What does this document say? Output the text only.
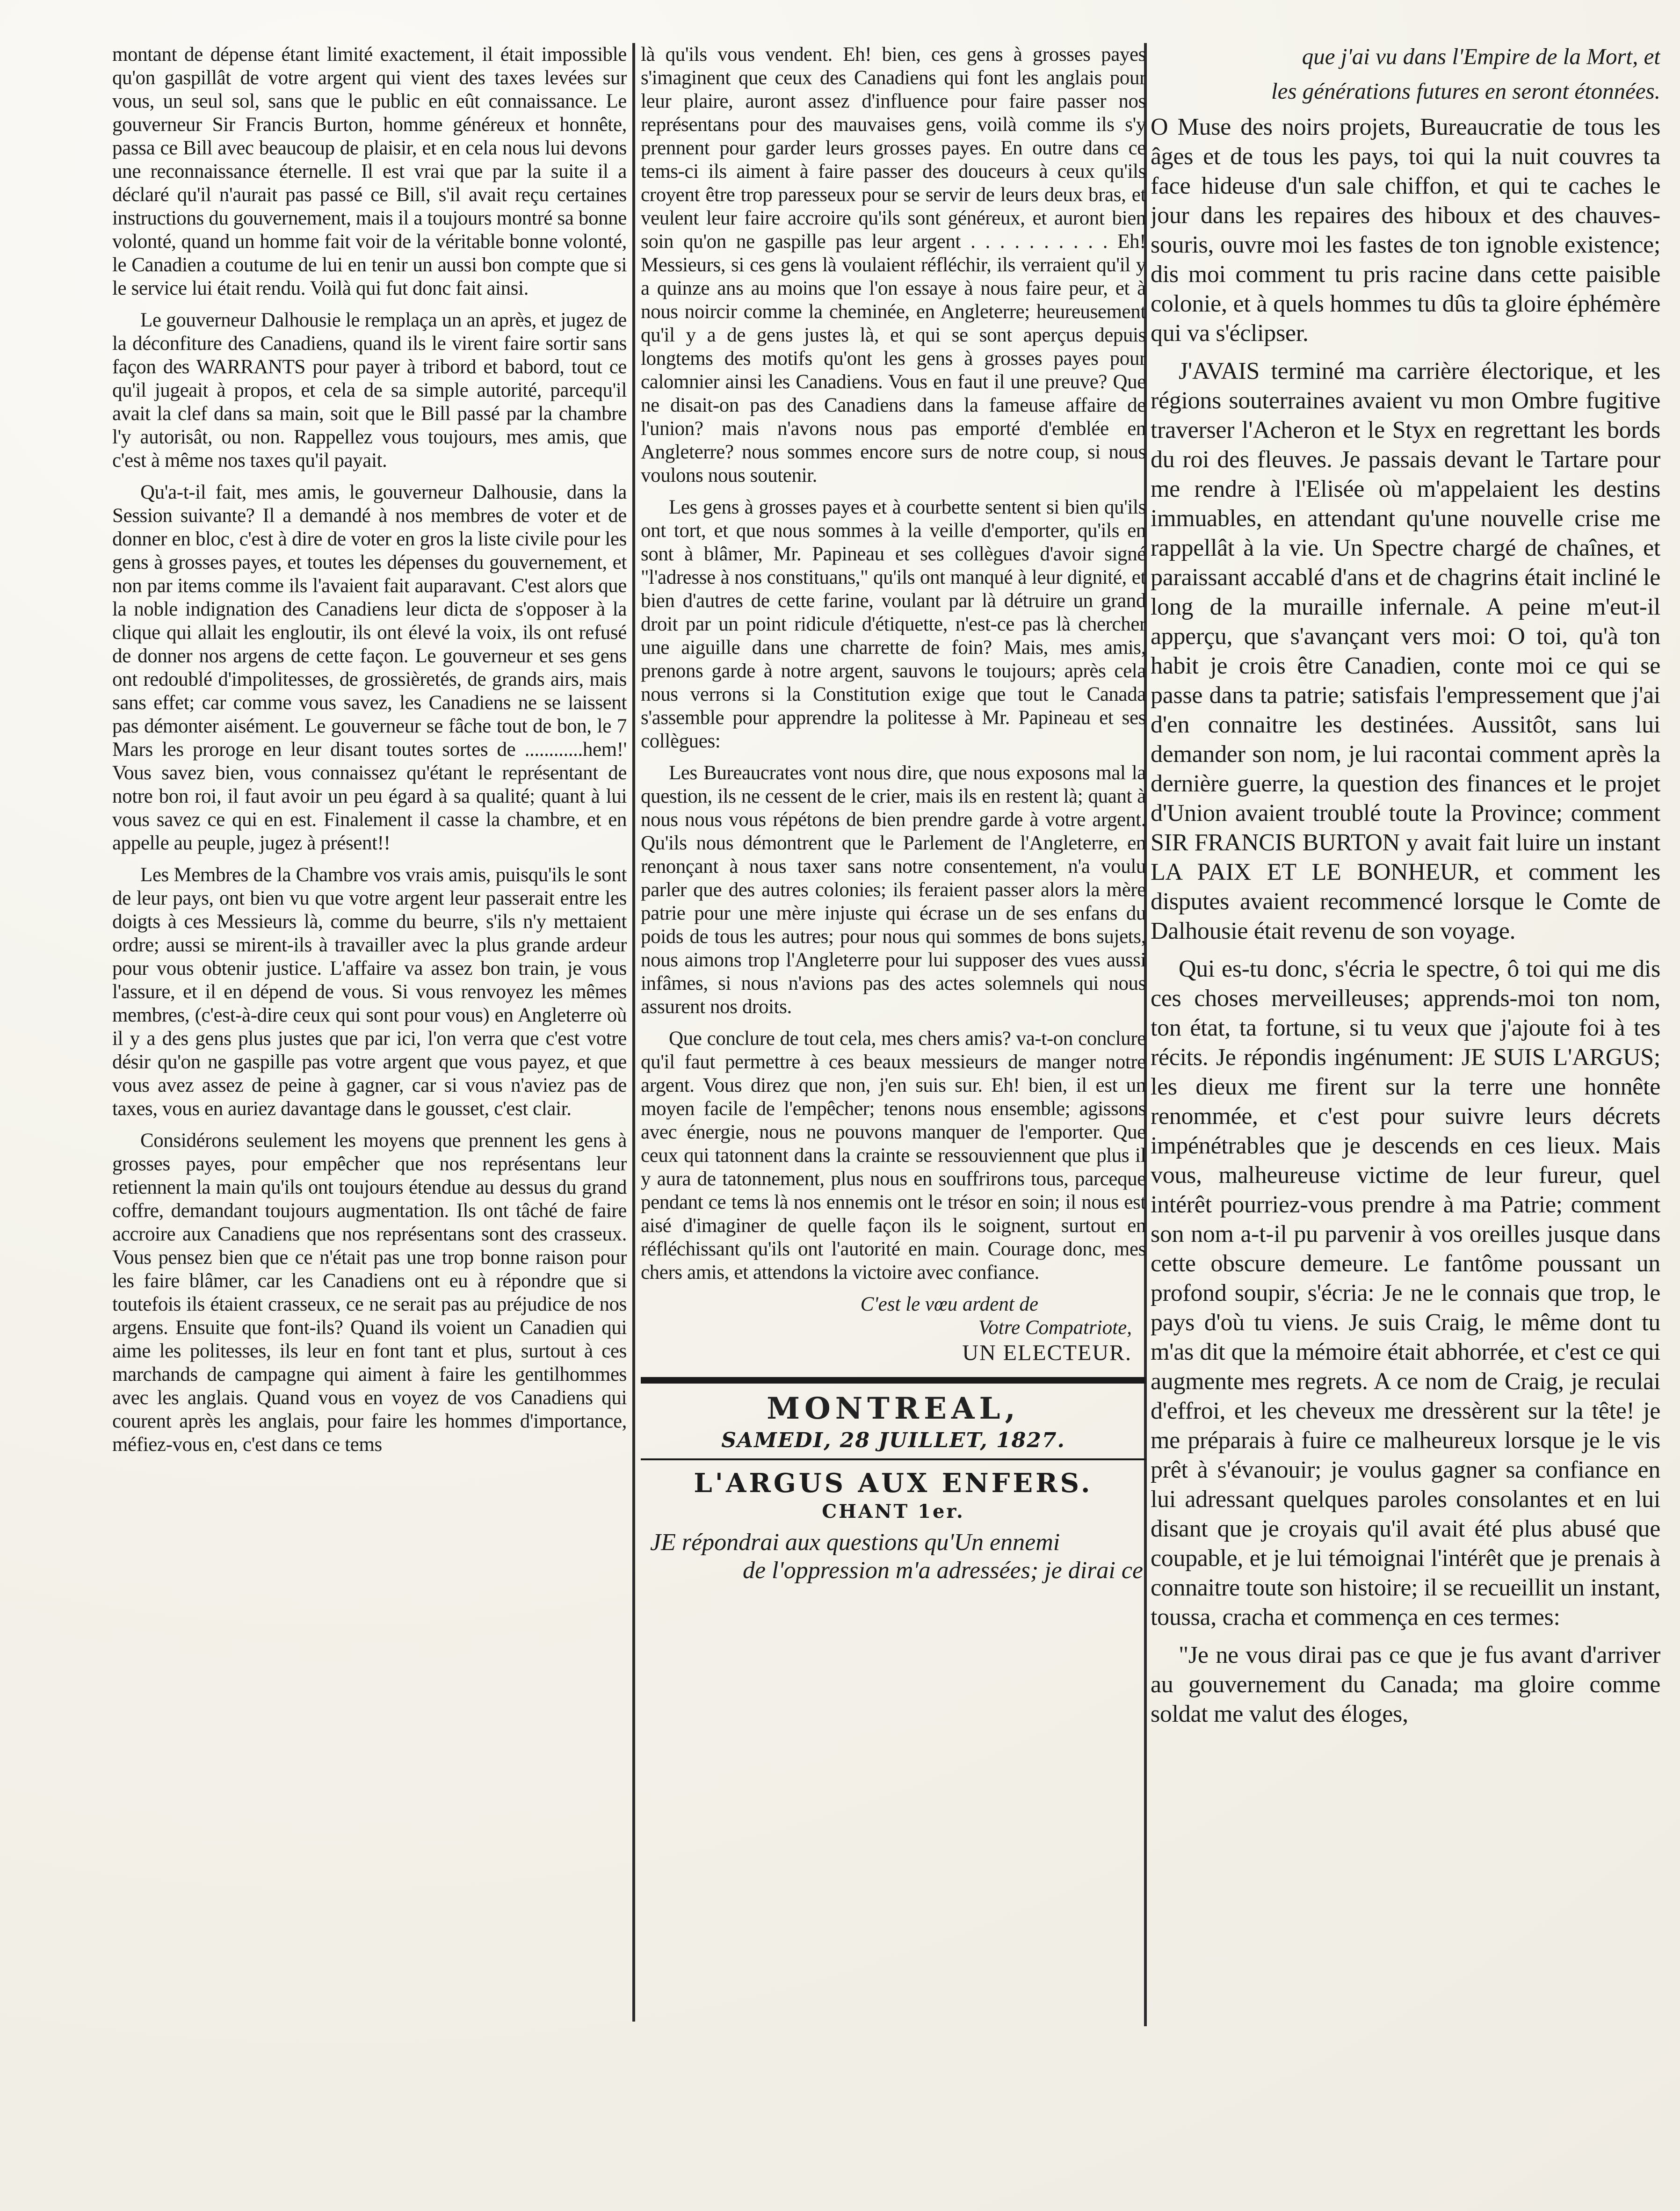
montant de dépense étant limité exactement, il était impossible qu'on gaspillât de votre argent qui vient des taxes levées sur vous, un seul sol, sans que le public en eût connaissance. Le gouverneur Sir Francis Burton, homme généreux et honnête, passa ce Bill avec beaucoup de plaisir, et en cela nous lui devons une reconnaissance éternelle. Il est vrai que par la suite il a déclaré qu'il n'aurait pas passé ce Bill, s'il avait reçu certaines instructions du gouvernement, mais il a toujours montré sa bonne volonté, quand un homme fait voir de la véritable bonne volonté, le Canadien a coutume de lui en tenir un aussi bon compte que si le service lui était rendu. Voilà qui fut donc fait ainsi.

Le gouverneur Dalhousie le remplaça un an après, et jugez de la déconfiture des Canadiens, quand ils le virent faire sortir sans façon des WARRANTS pour payer à tribord et babord, tout ce qu'il jugeait à propos, et cela de sa simple autorité, parcequ'il avait la clef dans sa main, soit que le Bill passé par la chambre l'y autorisât, ou non. Rappellez vous toujours, mes amis, que c'est à même nos taxes qu'il payait.

Qu'a-t-il fait, mes amis, le gouverneur Dalhousie, dans la Session suivante? Il a demandé à nos membres de voter et de donner en bloc, c'est à dire de voter en gros la liste civile pour les gens à grosses payes, et toutes les dépenses du gouvernement, et non par items comme ils l'avaient fait auparavant. C'est alors que la noble indignation des Canadiens leur dicta de s'opposer à la clique qui allait les engloutir, ils ont élevé la voix, ils ont refusé de donner nos argens de cette façon. Le gouverneur et ses gens ont redoublé d'impolitesses, de grossièretés, de grands airs, mais sans effet; car comme vous savez, les Canadiens ne se laissent pas démonter aisément. Le gouverneur se fâche tout de bon, le 7 Mars les proroge en leur disant toutes sortes de ............hem!' Vous savez bien, vous connaissez qu'étant le représentant de notre bon roi, il faut avoir un peu égard à sa qualité; quant à lui vous savez ce qui en est. Finalement il casse la chambre, et en appelle au peuple, jugez à présent!!

Les Membres de la Chambre vos vrais amis, puisqu'ils le sont de leur pays, ont bien vu que votre argent leur passerait entre les doigts à ces Messieurs là, comme du beurre, s'ils n'y mettaient ordre; aussi se mirent-ils à travailler avec la plus grande ardeur pour vous obtenir justice. L'affaire va assez bon train, je vous l'assure, et il en dépend de vous. Si vous renvoyez les mêmes membres, (c'est-à-dire ceux qui sont pour vous) en Angleterre où il y a des gens plus justes que par ici, l'on verra que c'est votre désir qu'on ne gaspille pas votre argent que vous payez, et que vous avez assez de peine à gagner, car si vous n'aviez pas de taxes, vous en auriez davantage dans le gousset, c'est clair.

Considérons seulement les moyens que prennent les gens à grosses payes, pour empêcher que nos représentans leur retiennent la main qu'ils ont toujours étendue au dessus du grand coffre, demandant toujours augmentation. Ils ont tâché de faire accroire aux Canadiens que nos représentans sont des crasseux. Vous pensez bien que ce n'était pas une trop bonne raison pour les faire blâmer, car les Canadiens ont eu à répondre que si toutefois ils étaient crasseux, ce ne serait pas au préjudice de nos argens. Ensuite que font-ils? Quand ils voient un Canadien qui aime les politesses, ils leur en font tant et plus, surtout à ces marchands de campagne qui aiment à faire les gentilhommes avec les anglais. Quand vous en voyez de vos Canadiens qui courent après les anglais, pour faire les hommes d'importance, méfiez-vous en, c'est dans ce tems

là qu'ils vous vendent. Eh! bien, ces gens à grosses payes s'imaginent que ceux des Canadiens qui font les anglais pour leur plaire, auront assez d'influence pour faire passer nos représentans pour des mauvaises gens, voilà comme ils s'y prennent pour garder leurs grosses payes. En outre dans ce tems-ci ils aiment à faire passer des douceurs à ceux qu'ils croyent être trop paresseux pour se servir de leurs deux bras, et veulent leur faire accroire qu'ils sont généreux, et auront bien soin qu'on ne gaspille pas leur argent . . . . . . . . . . Eh! Messieurs, si ces gens là voulaient réfléchir, ils verraient qu'il y a quinze ans au moins que l'on essaye à nous faire peur, et à nous noircir comme la cheminée, en Angleterre; heureusement qu'il y a de gens justes là, et qui se sont aperçus depuis longtems des motifs qu'ont les gens à grosses payes pour calomnier ainsi les Canadiens. Vous en faut il une preuve? Que ne disait-on pas des Canadiens dans la fameuse affaire de l'union? mais n'avons nous pas emporté d'emblée en Angleterre? nous sommes encore surs de notre coup, si nous voulons nous soutenir.

Les gens à grosses payes et à courbette sentent si bien qu'ils ont tort, et que nous sommes à la veille d'emporter, qu'ils en sont à blâmer, Mr. Papineau et ses collègues d'avoir signé "l'adresse à nos constituans," qu'ils ont manqué à leur dignité, et bien d'autres de cette farine, voulant par là détruire un grand droit par un point ridicule d'étiquette, n'est-ce pas là chercher une aiguille dans une charrette de foin? Mais, mes amis, prenons garde à notre argent, sauvons le toujours; après cela nous verrons si la Constitution exige que tout le Canada s'assemble pour apprendre la politesse à Mr. Papineau et ses collègues:

Les Bureaucrates vont nous dire, que nous exposons mal la question, ils ne cessent de le crier, mais ils en restent là; quant à nous nous vous répétons de bien prendre garde à votre argent. Qu'ils nous démontrent que le Parlement de l'Angleterre, en renonçant à nous taxer sans notre consentement, n'a voulu parler que des autres colonies; ils feraient passer alors la mère patrie pour une mère injuste qui écrase un de ses enfans du poids de tous les autres; pour nous qui sommes de bons sujets, nous aimons trop l'Angleterre pour lui supposer des vues aussi infâmes, si nous n'avions pas des actes solemnels qui nous assurent nos droits.

Que conclure de tout cela, mes chers amis? va-t-on conclure qu'il faut permettre à ces beaux messieurs de manger notre argent. Vous direz que non, j'en suis sur. Eh! bien, il est un moyen facile de l'empêcher; tenons nous ensemble; agissons avec énergie, nous ne pouvons manquer de l'emporter. Que ceux qui tatonnent dans la crainte se ressouviennent que plus il y aura de tatonnement, plus nous en souffrirons tous, parceque pendant ce tems là nos ennemis ont le trésor en soin; il nous est aisé d'imaginer de quelle façon ils le soignent, surtout en réfléchissant qu'ils ont l'autorité en main. Courage donc, mes chers amis, et attendons la victoire avec confiance.

C'est le vœu ardent de
Votre Compatriote,
UN ELECTEUR.
MONTREAL,
SAMEDI, 28 JUILLET, 1827.
L'ARGUS AUX ENFERS.
CHANT 1er.
JE répondrai aux questions qu'Un ennemi
de l'oppression m'a adressées; je dirai ce
que j'ai vu dans l'Empire de la Mort, et
les générations futures en seront étonnées.

O Muse des noirs projets, Bureaucratie de tous les âges et de tous les pays, toi qui la nuit couvres ta face hideuse d'un sale chiffon, et qui te caches le jour dans les repaires des hiboux et des chauves-souris, ouvre moi les fastes de ton ignoble existence; dis moi comment tu pris racine dans cette paisible colonie, et à quels hommes tu dûs ta gloire éphémère qui va s'éclipser.

J'AVAIS terminé ma carrière électorique, et les régions souterraines avaient vu mon Ombre fugitive traverser l'Acheron et le Styx en regrettant les bords du roi des fleuves. Je passais devant le Tartare pour me rendre à l'Elisée où m'appelaient les destins immuables, en attendant qu'une nouvelle crise me rappellât à la vie. Un Spectre chargé de chaînes, et paraissant accablé d'ans et de chagrins était incliné le long de la muraille infernale. A peine m'eut-il apperçu, que s'avançant vers moi: O toi, qu'à ton habit je crois être Canadien, conte moi ce qui se passe dans ta patrie; satisfais l'empressement que j'ai d'en connaitre les destinées. Aussitôt, sans lui demander son nom, je lui racontai comment après la dernière guerre, la question des finances et le projet d'Union avaient troublé toute la Province; comment SIR FRANCIS BURTON y avait fait luire un instant LA PAIX ET LE BONHEUR, et comment les disputes avaient recommencé lorsque le Comte de Dalhousie était revenu de son voyage.

Qui es-tu donc, s'écria le spectre, ô toi qui me dis ces choses merveilleuses; apprends-moi ton nom, ton état, ta fortune, si tu veux que j'ajoute foi à tes récits. Je répondis ingénument: JE SUIS L'ARGUS; les dieux me firent sur la terre une honnête renommée, et c'est pour suivre leurs décrets impénétrables que je descends en ces lieux. Mais vous, malheureuse victime de leur fureur, quel intérêt pourriez-vous prendre à ma Patrie; comment son nom a-t-il pu parvenir à vos oreilles jusque dans cette obscure demeure. Le fantôme poussant un profond soupir, s'écria: Je ne le connais que trop, le pays d'où tu viens. Je suis Craig, le même dont tu m'as dit que la mémoire était abhorrée, et c'est ce qui augmente mes regrets. A ce nom de Craig, je reculai d'effroi, et les cheveux me dressèrent sur la tête! je me préparais à fuire ce malheureux lorsque je le vis prêt à s'évanouir; je voulus gagner sa confiance en lui adressant quelques paroles consolantes et en lui disant que je croyais qu'il avait été plus abusé que coupable, et je lui témoignai l'intérêt que je prenais à connaitre toute son histoire; il se recueillit un instant, toussa, cracha et commença en ces termes:

"Je ne vous dirai pas ce que je fus avant d'arriver au gouvernement du Canada; ma gloire comme soldat me valut des éloges,
